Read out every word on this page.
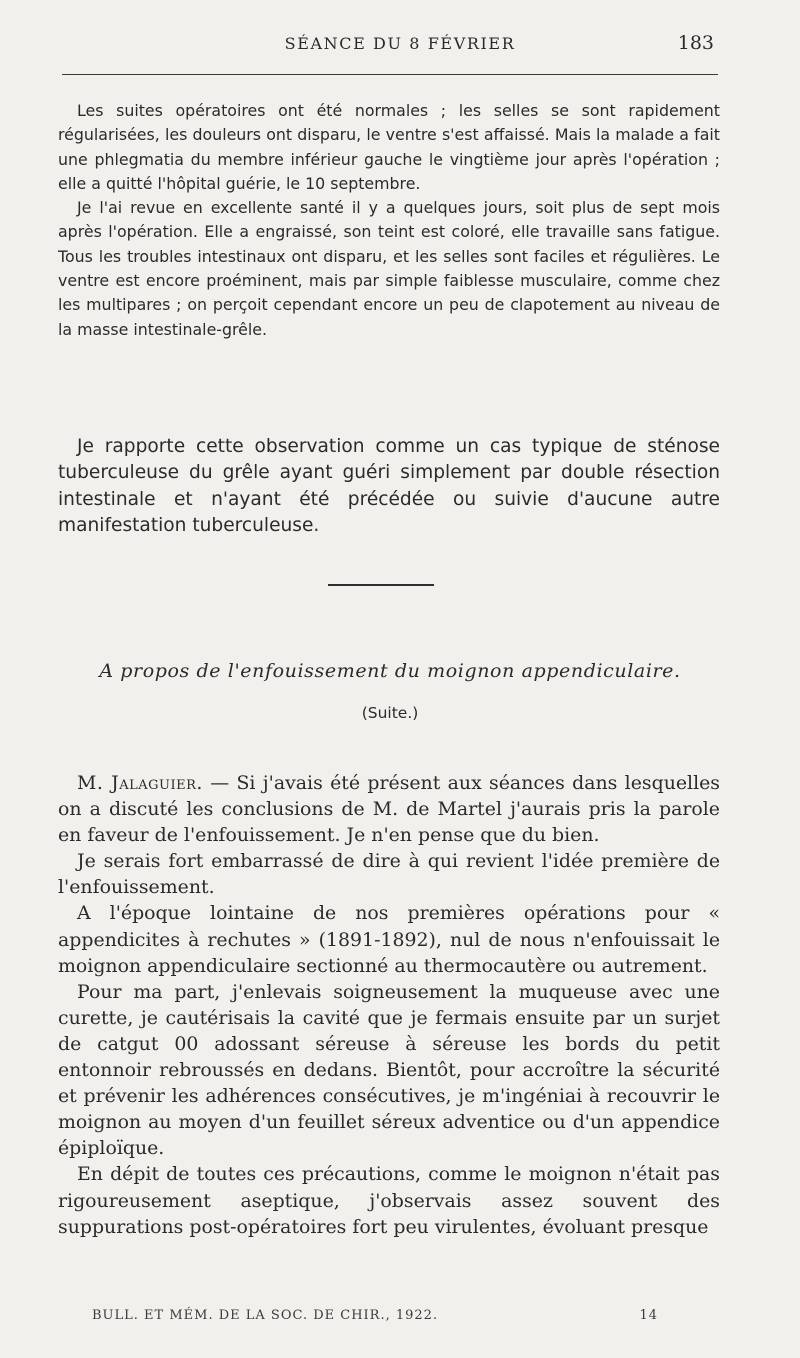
SÉANCE DU 8 FÉVRIER	183

Les suites opératoires ont été normales ; les selles se sont rapidement régularisées, les douleurs ont disparu, le ventre s'est affaissé. Mais la malade a fait une phlegmatia du membre inférieur gauche le vingtième jour après l'opération ; elle a quitté l'hôpital guérie, le 10 septembre.

Je l'ai revue en excellente santé il y a quelques jours, soit plus de sept mois après l'opération. Elle a engraissé, son teint est coloré, elle travaille sans fatigue. Tous les troubles intestinaux ont disparu, et les selles sont faciles et régulières. Le ventre est encore proéminent, mais par simple faiblesse musculaire, comme chez les multipares ; on perçoit cependant encore un peu de clapotement au niveau de la masse intestinale-grêle.

Je rapporte cette observation comme un cas typique de sténose tuberculeuse du grêle ayant guéri simplement par double résection intestinale et n'ayant été précédée ou suivie d'aucune autre manifestation tuberculeuse.

A propos de l'enfouissement du moignon appendiculaire.
(Suite.)

M. Jalaguier. — Si j'avais été présent aux séances dans lesquelles on a discuté les conclusions de M. de Martel j'aurais pris la parole en faveur de l'enfouissement. Je n'en pense que du bien.

Je serais fort embarrassé de dire à qui revient l'idée première de l'enfouissement.

A l'époque lointaine de nos premières opérations pour « appendicites à rechutes » (1891-1892), nul de nous n'enfouissait le moignon appendiculaire sectionné au thermocautère ou autrement.

Pour ma part, j'enlevais soigneusement la muqueuse avec une curette, je cautérisais la cavité que je fermais ensuite par un surjet de catgut 00 adossant séreuse à séreuse les bords du petit entonnoir rebroussés en dedans. Bientôt, pour accroître la sécurité et prévenir les adhérences consécutives, je m'ingéniai à recouvrir le moignon au moyen d'un feuillet séreux adventice ou d'un appendice épiploïque.

En dépit de toutes ces précautions, comme le moignon n'était pas rigoureusement aseptique, j'observais assez souvent des suppurations post-opératoires fort peu virulentes, évoluant presque

BULL. ET MÉM. DE LA SOC. DE CHIR., 1922.	14
